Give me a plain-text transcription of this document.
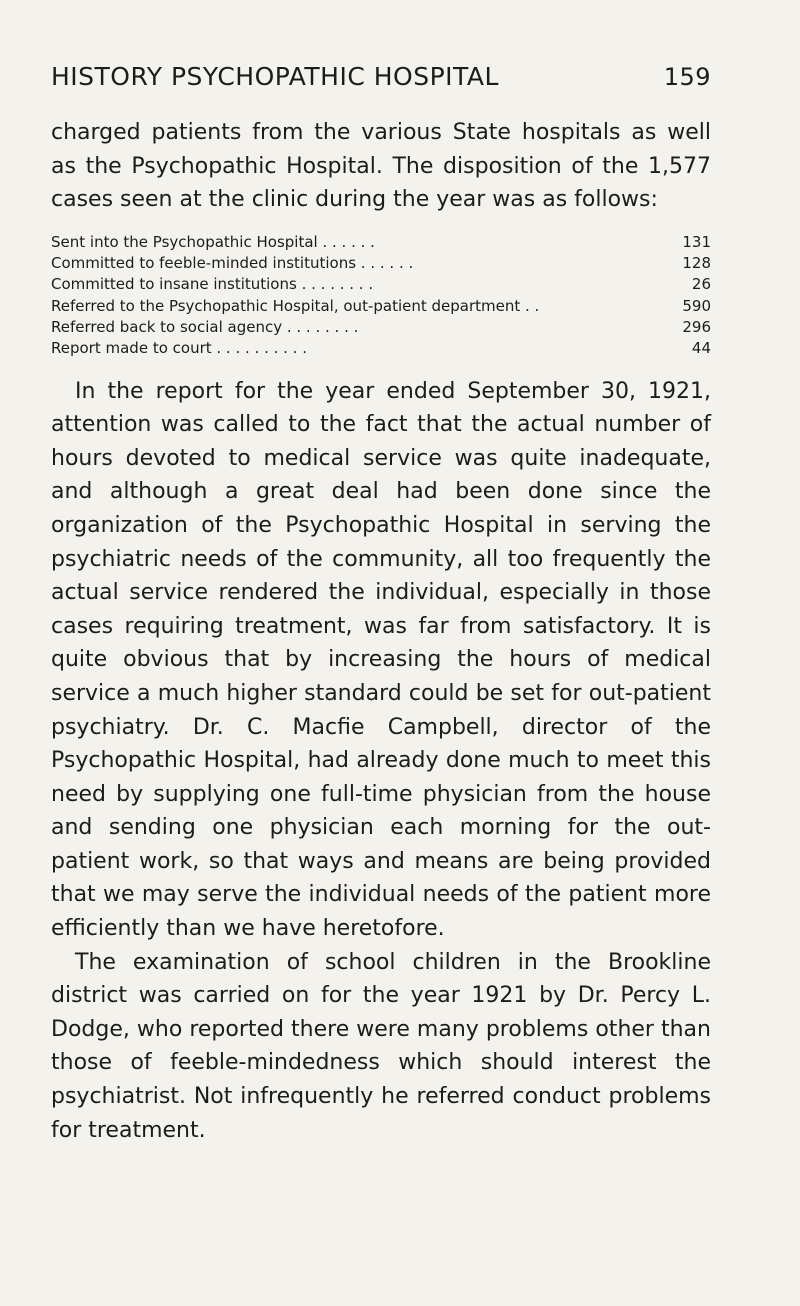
HISTORY PSYCHOPATHIC HOSPITAL	159

charged patients from the various State hospitals as well as the Psychopathic Hospital. The disposition of the 1,577 cases seen at the clinic during the year was as follows:

Sent into the Psychopathic Hospital . . . . . .	131
Committed to feeble-minded institutions . . . . . .	128
Committed to insane institutions . . . . . . . .	26
Referred to the Psychopathic Hospital, out-patient department . .	590
Referred back to social agency . . . . . . . .	296
Report made to court . . . . . . . . . .	44

In the report for the year ended September 30, 1921, attention was called to the fact that the actual number of hours devoted to medical service was quite inadequate, and although a great deal had been done since the organization of the Psychopathic Hospital in serving the psychiatric needs of the community, all too frequently the actual service rendered the individual, especially in those cases requiring treatment, was far from satisfactory. It is quite obvious that by increasing the hours of medical service a much higher standard could be set for out-patient psychiatry. Dr. C. Macfie Campbell, director of the Psychopathic Hospital, had already done much to meet this need by supplying one full-time physician from the house and sending one physician each morning for the out-patient work, so that ways and means are being provided that we may serve the individual needs of the patient more efficiently than we have heretofore.

The examination of school children in the Brookline district was carried on for the year 1921 by Dr. Percy L. Dodge, who reported there were many problems other than those of feeble-mindedness which should interest the psychiatrist. Not infrequently he referred conduct problems for treatment.
